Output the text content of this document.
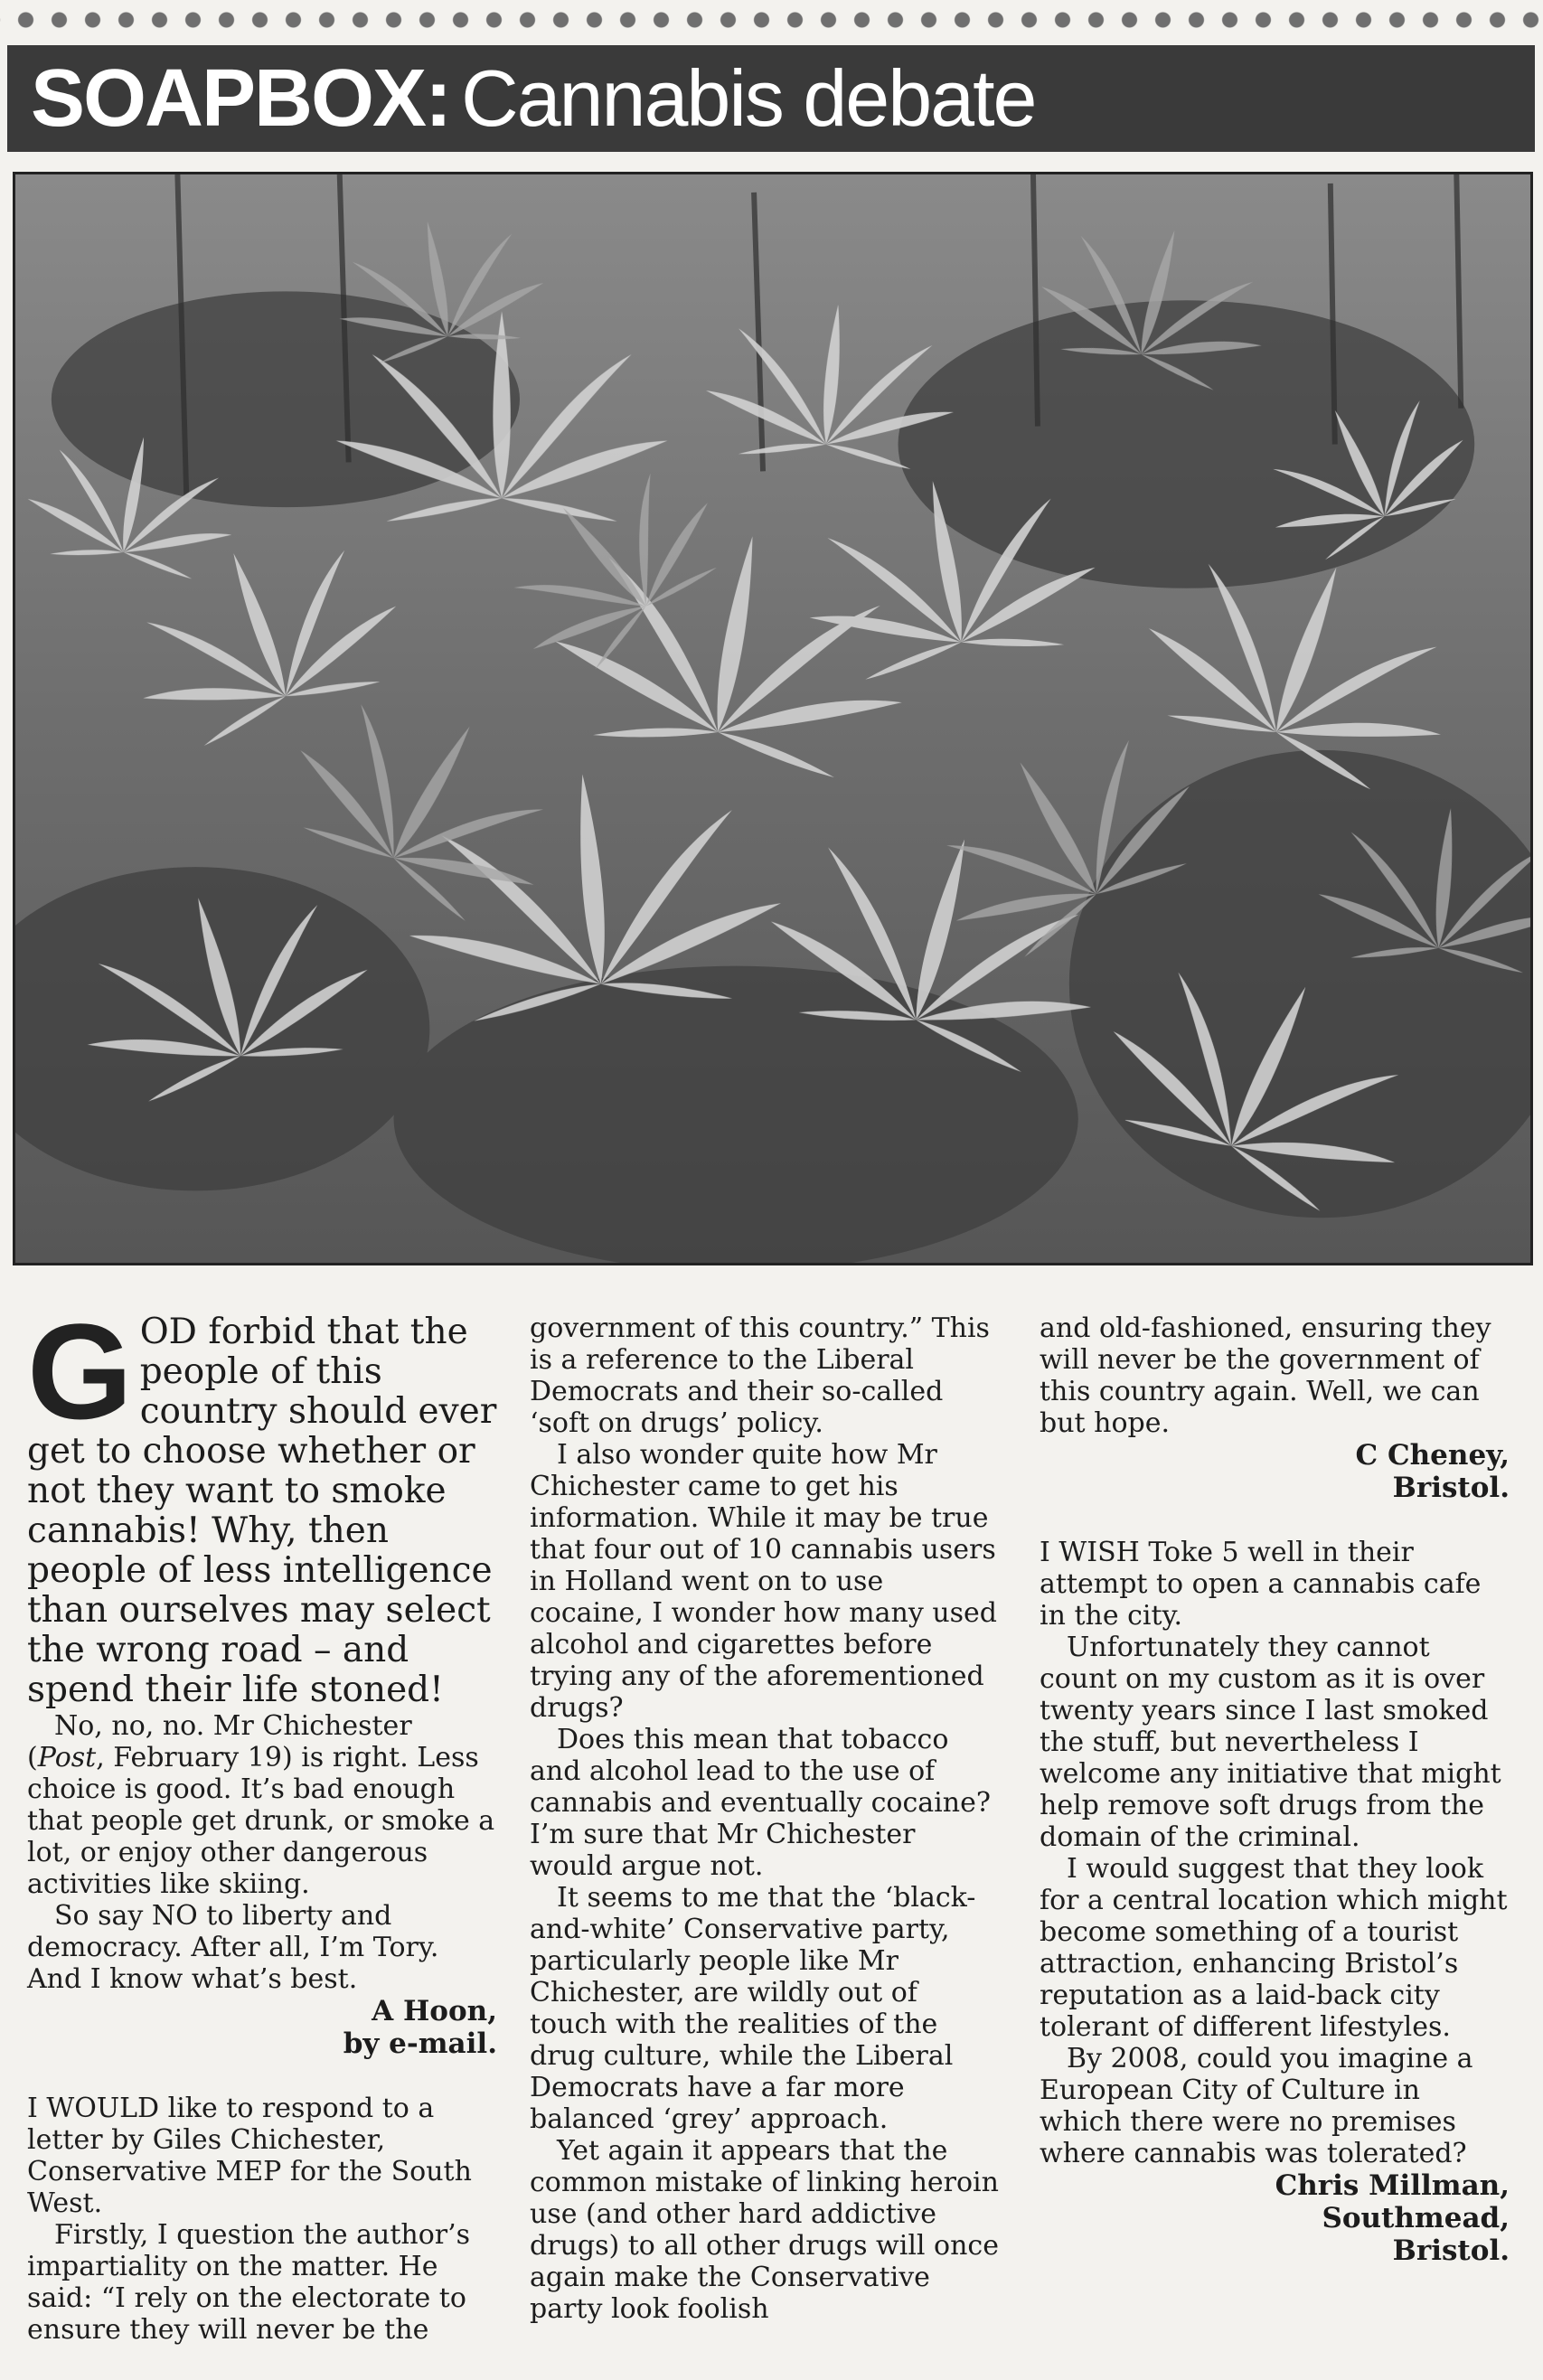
SOAPBOX: Cannabis debate
G OD forbid that the people of this country should ever get to choose whether or not they want to smoke cannabis! Why, then people of less intelligence than ourselves may select the wrong road – and spend their life stoned!

No, no, no. Mr Chichester (Post, February 19) is right. Less choice is good. It’s bad enough that people get drunk, or smoke a lot, or enjoy other dangerous activities like skiing.

So say NO to liberty and democracy. After all, I’m Tory. And I know what’s best.

A Hoon,

by e-mail.

I WOULD like to respond to a letter by Giles Chichester, Conservative MEP for the South West.

Firstly, I question the author’s impartiality on the matter. He said: “I rely on the electorate to ensure they will never be the

government of this country.” This is a reference to the Liberal Democrats and their so-called ‘soft on drugs’ policy.

I also wonder quite how Mr Chichester came to get his information. While it may be true that four out of 10 cannabis users in Holland went on to use cocaine, I wonder how many used alcohol and cigarettes before trying any of the aforementioned drugs?

Does this mean that tobacco and alcohol lead to the use of cannabis and eventually cocaine? I’m sure that Mr Chichester would argue not.

It seems to me that the ‘black-and-white’ Conservative party, particularly people like Mr Chichester, are wildly out of touch with the realities of the drug culture, while the Liberal Democrats have a far more balanced ‘grey’ approach.

Yet again it appears that the common mistake of linking heroin use (and other hard addictive drugs) to all other drugs will once again make the Conservative party look foolish

and old-fashioned, ensuring they will never be the government of this country again. Well, we can but hope.

C Cheney,

Bristol.

I WISH Toke 5 well in their attempt to open a cannabis cafe in the city.

Unfortunately they cannot count on my custom as it is over twenty years since I last smoked the stuff, but nevertheless I welcome any initiative that might help remove soft drugs from the domain of the criminal.

I would suggest that they look for a central location which might become something of a tourist attraction, enhancing Bristol’s reputation as a laid-back city tolerant of different lifestyles.

By 2008, could you imagine a European City of Culture in which there were no premises where cannabis was tolerated?

Chris Millman,

Southmead,

Bristol.
